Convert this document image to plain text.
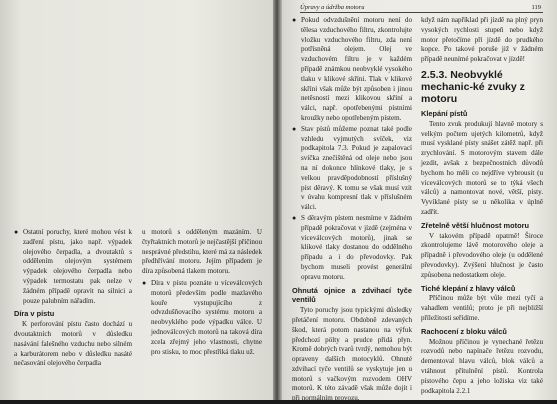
● Ostatní poruchy, které mohou vést k zadření pístu, jako např. výpadek olejového čerpadla, a dvoutaktů s oddělením olejovým systémem výpadek olejového čerpadla nebo výpadek termostatu pak nelze v žádném případě opravit na silnici a pouze palubním nářadím.
Díra v pístu

K perforování pístu často dochází u dvoutaktních motorů v důsledku nasávání falešného vzduchu nebo silném a karburátorem nebo v důsledku nasáté nečasování olejového čerpadla

u motorů s odděleným mazáním. U čtyřtaktních motorů je nejčastější příčinou nesprávné předstihu, které má za následek předhřívání motoru. Jejím případem je díra způsobená tlakem motoru.

● Díra v pístu poznáte u víceválcových motorů především podle mazlavého kouře vystupujícího z odvzdušňovacího systému motoru a neobvyklého pode výpadku válce. U jednoválcových motorů na taková díra zcela zřejmý jeho vlastnosti, chytne pro stisku, to moc přestřiká tlaku už.
Úpravy a údržba motoru	119
● Pokud odvzdušnění motoru není do tělesa vzduchového filtru, zkontrolujte vložku vzduchového filtru, zda není potřísněná olejem. Olej ve vzduchovém filtru je v každém případě známkou neobvyklé vysokého tlaku v klikové skříni. Tlak v klikové skříni však může být způsoben i jinou netěsností mezi klikovou skříní a válci, např. opotřebenými pístními kroužky nebo opotřebeným pístem.
● Stav pístů můžeme poznat také podle vzhledu vyjmutých svíček, viz podkapitola 7.3. Pokud je zapalovací svíčka znečištěná od oleje nebo jsou na ní dokonce hlínkové tlaky, je s velkou pravděpodobností příslušný píst děravý. K tomu se však musí vzít v úvahu kompresní tlak v příslušném válci.
● S děravým pístem nesmíme v žádném případě pokračovat v jízdě (zejména v víceválcových motorů), jinak se klikové tlaky dostanou do oddělného případu a i do převodovky. Pak bychom museli provést generální opravu motoru.
Ohnutá ojnice a zdvihací tyče ventilů

Tyto poruchy jsou typickými důsledky přetáčení motoru. Obdobně zdevaných škod, která potom nastanou na výfuk předchozí pölty a prudce přidá plyn. Kromě dobrých tvarů tvrdý, nemohou být opraveny dalších motocyklů. Ohnuté zdvihací tyče ventilů se vyskytuje jen u motorů s vačkovým rozvodem OHV motorů. K této závadě však může dojít i při normálním provozu.

když nám například při jízdě na plný pryn vysokých rychlosti stupeň nebo když motor přetočíme při jízdě do prudkého kopce. Po takové poruše již v žádném případě neunímé pokračovat v jízdě!

2.5.3. Neobvyklé mechanic-ké zvuky z motoru
Klepání pístů

Tento zvuk produkují hlavně motory s velkým počtem ujetých kilometrů, když musí vysklané písty snášet zátěž např. při zrychlování. S motorovým stavem dále jezdit, avšak z bezpečnostních důvodů bychom ho měli co nejdříve vybrousit (u víceválcových motorů se to týká všech válců) a namontovat nové, větší, písty. Vyvíklané písty se u několika v úplně zadřít.

Zřetelně větší hlučnost motoru

V takovém případě opatrně! Široce zkontrolujeme lávě motorového oleje a případně i převodového oleje (u oddělené převodovky). Zvýšení hlučnost je často způsobena nedostatkem oleje.

Tiché klepání z hlavy válců

Příčinou může být vůle mezi tyčí a vahadlem ventilů; proto je při nejbližší příležitosti seřídíme.

Rachocení z bloku válců

Možnou příčinou je vynechané řetězu rozvodů nebo napínače řetězu rozvodu, dementoval hlavu válců, blok válců a vtáhnout přítulnění pístů. Kontrola pístového čepu a jeho ložiska viz také podkapitola 2.2.1
